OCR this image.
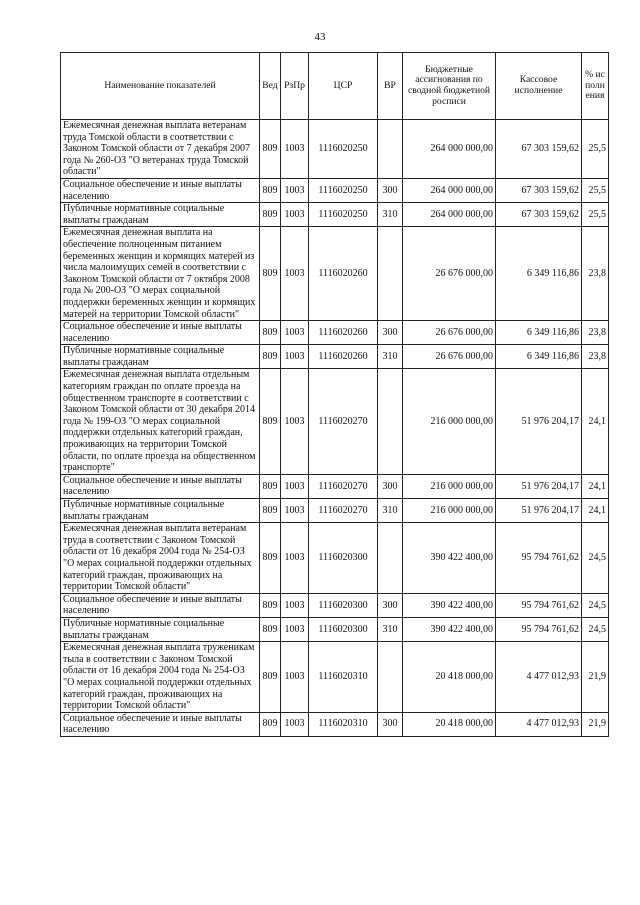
43
Наименование показателей	Вед	РзПр	ЦСР	ВР	Бюджетные ассигнования по сводной бюджетной росписи	Кассовое исполнение	% исполнения
Ежемесячная денежная выплата ветеранам труда Томской области в соответствии с Законом Томской области от 7 декабря 2007 года № 260-ОЗ "О ветеранах труда Томской области"	809	1003	1116020250		264 000 000,00	67 303 159,62	25,5
Социальное обеспечение и иные выплаты населению	809	1003	1116020250	300	264 000 000,00	67 303 159,62	25,5
Публичные нормативные социальные выплаты гражданам	809	1003	1116020250	310	264 000 000,00	67 303 159,62	25,5
Ежемесячная денежная выплата на обеспечение полноценным питанием беременных женщин и кормящих матерей из числа малоимущих семей в соответствии с Законом Томской области от 7 октября 2008 года № 200-ОЗ "О мерах социальной поддержки беременных женщин и кормящих матерей на территории Томской области"	809	1003	1116020260		26 676 000,00	6 349 116,86	23,8
Социальное обеспечение и иные выплаты населению	809	1003	1116020260	300	26 676 000,00	6 349 116,86	23,8
Публичные нормативные социальные выплаты гражданам	809	1003	1116020260	310	26 676 000,00	6 349 116,86	23,8
Ежемесячная денежная выплата отдельным категориям граждан по оплате проезда на общественном транспорте в соответствии с Законом Томской области от 30 декабря 2014 года № 199-ОЗ "О мерах социальной поддержки отдельных категорий граждан, проживающих на территории Томской области, по оплате проезда на общественном транспорте"	809	1003	1116020270		216 000 000,00	51 976 204,17	24,1
Социальное обеспечение и иные выплаты населению	809	1003	1116020270	300	216 000 000,00	51 976 204,17	24,1
Публичные нормативные социальные выплаты гражданам	809	1003	1116020270	310	216 000 000,00	51 976 204,17	24,1
Ежемесячная денежная выплата ветеранам труда в соответствии с Законом Томской области от 16 декабря 2004 года № 254-ОЗ "О мерах социальной поддержки отдельных категорий граждан, проживающих на территории Томской области"	809	1003	1116020300		390 422 400,00	95 794 761,62	24,5
Социальное обеспечение и иные выплаты населению	809	1003	1116020300	300	390 422 400,00	95 794 761,62	24,5
Публичные нормативные социальные выплаты гражданам	809	1003	1116020300	310	390 422 400,00	95 794 761,62	24,5
Ежемесячная денежная выплата труженикам тыла в соответствии с Законом Томской области от 16 декабря 2004 года № 254-ОЗ "О мерах социальной поддержки отдельных категорий граждан, проживающих на территории Томской области"	809	1003	1116020310		20 418 000,00	4 477 012,93	21,9
Социальное обеспечение и иные выплаты населению	809	1003	1116020310	300	20 418 000,00	4 477 012,93	21,9
